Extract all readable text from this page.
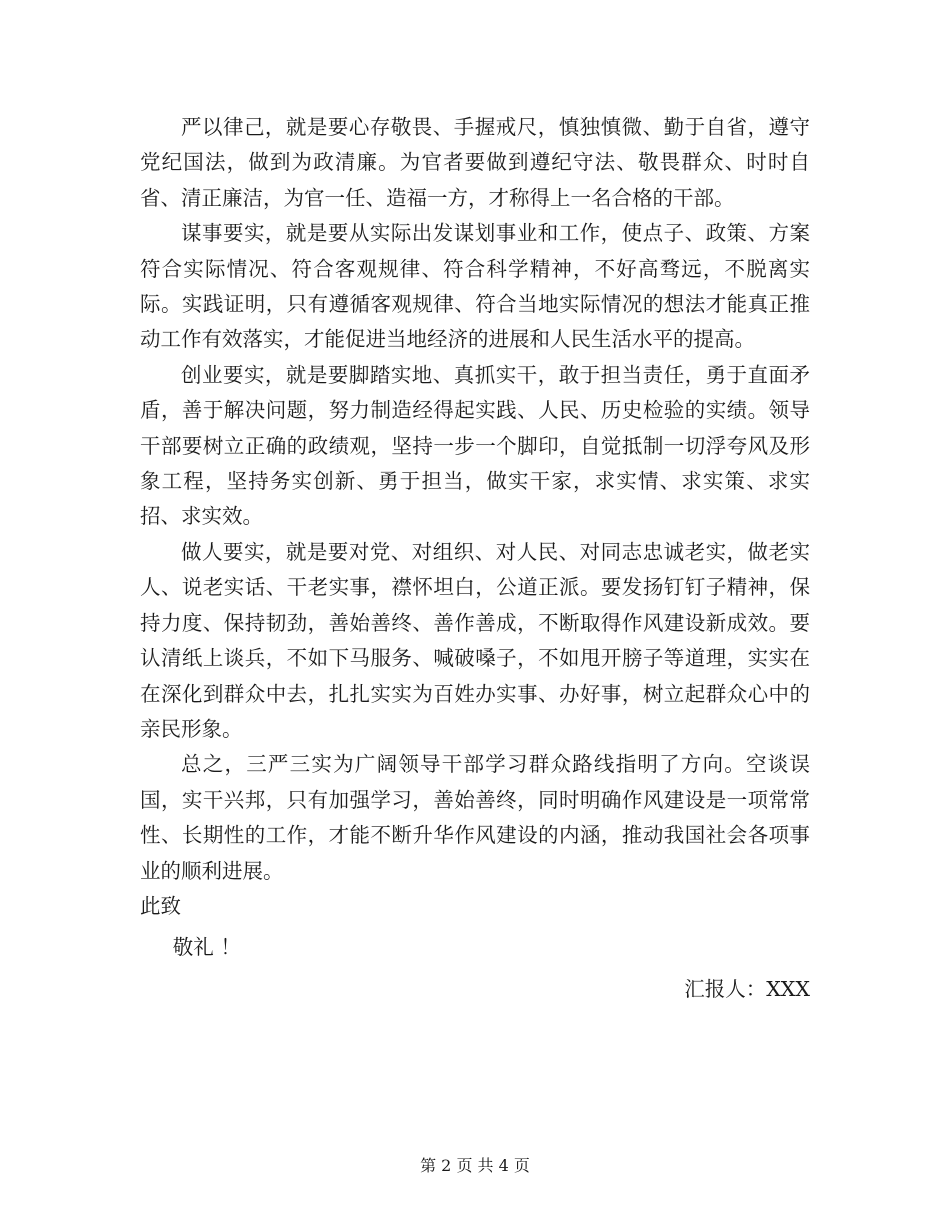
严以律己，就是要心存敬畏、手握戒尺，慎独慎微、勤于自省，遵守党纪国法，做到为政清廉。为官者要做到遵纪守法、敬畏群众、时时自省、清正廉洁，为官一任、造福一方，才称得上一名合格的干部。

谋事要实，就是要从实际出发谋划事业和工作，使点子、政策、方案符合实际情况、符合客观规律、符合科学精神，不好高骛远，不脱离实际。实践证明，只有遵循客观规律、符合当地实际情况的想法才能真正推动工作有效落实，才能促进当地经济的进展和人民生活水平的提高。

创业要实，就是要脚踏实地、真抓实干，敢于担当责任，勇于直面矛盾，善于解决问题，努力制造经得起实践、人民、历史检验的实绩。领导干部要树立正确的政绩观，坚持一步一个脚印，自觉抵制一切浮夸风及形象工程，坚持务实创新、勇于担当，做实干家，求实情、求实策、求实招、求实效。

做人要实，就是要对党、对组织、对人民、对同志忠诚老实，做老实人、说老实话、干老实事，襟怀坦白，公道正派。要发扬钉钉子精神，保持力度、保持韧劲，善始善终、善作善成，不断取得作风建设新成效。要认清纸上谈兵，不如下马服务、喊破嗓子，不如甩开膀子等道理，实实在在深化到群众中去，扎扎实实为百姓办实事、办好事，树立起群众心中的亲民形象。

总之，三严三实为广阔领导干部学习群众路线指明了方向。空谈误国，实干兴邦，只有加强学习，善始善终，同时明确作风建设是一项常常性、长期性的工作，才能不断升华作风建设的内涵，推动我国社会各项事业的顺利进展。

此致

敬礼 ！

汇报人：XXX

第 2 页 共 4 页
